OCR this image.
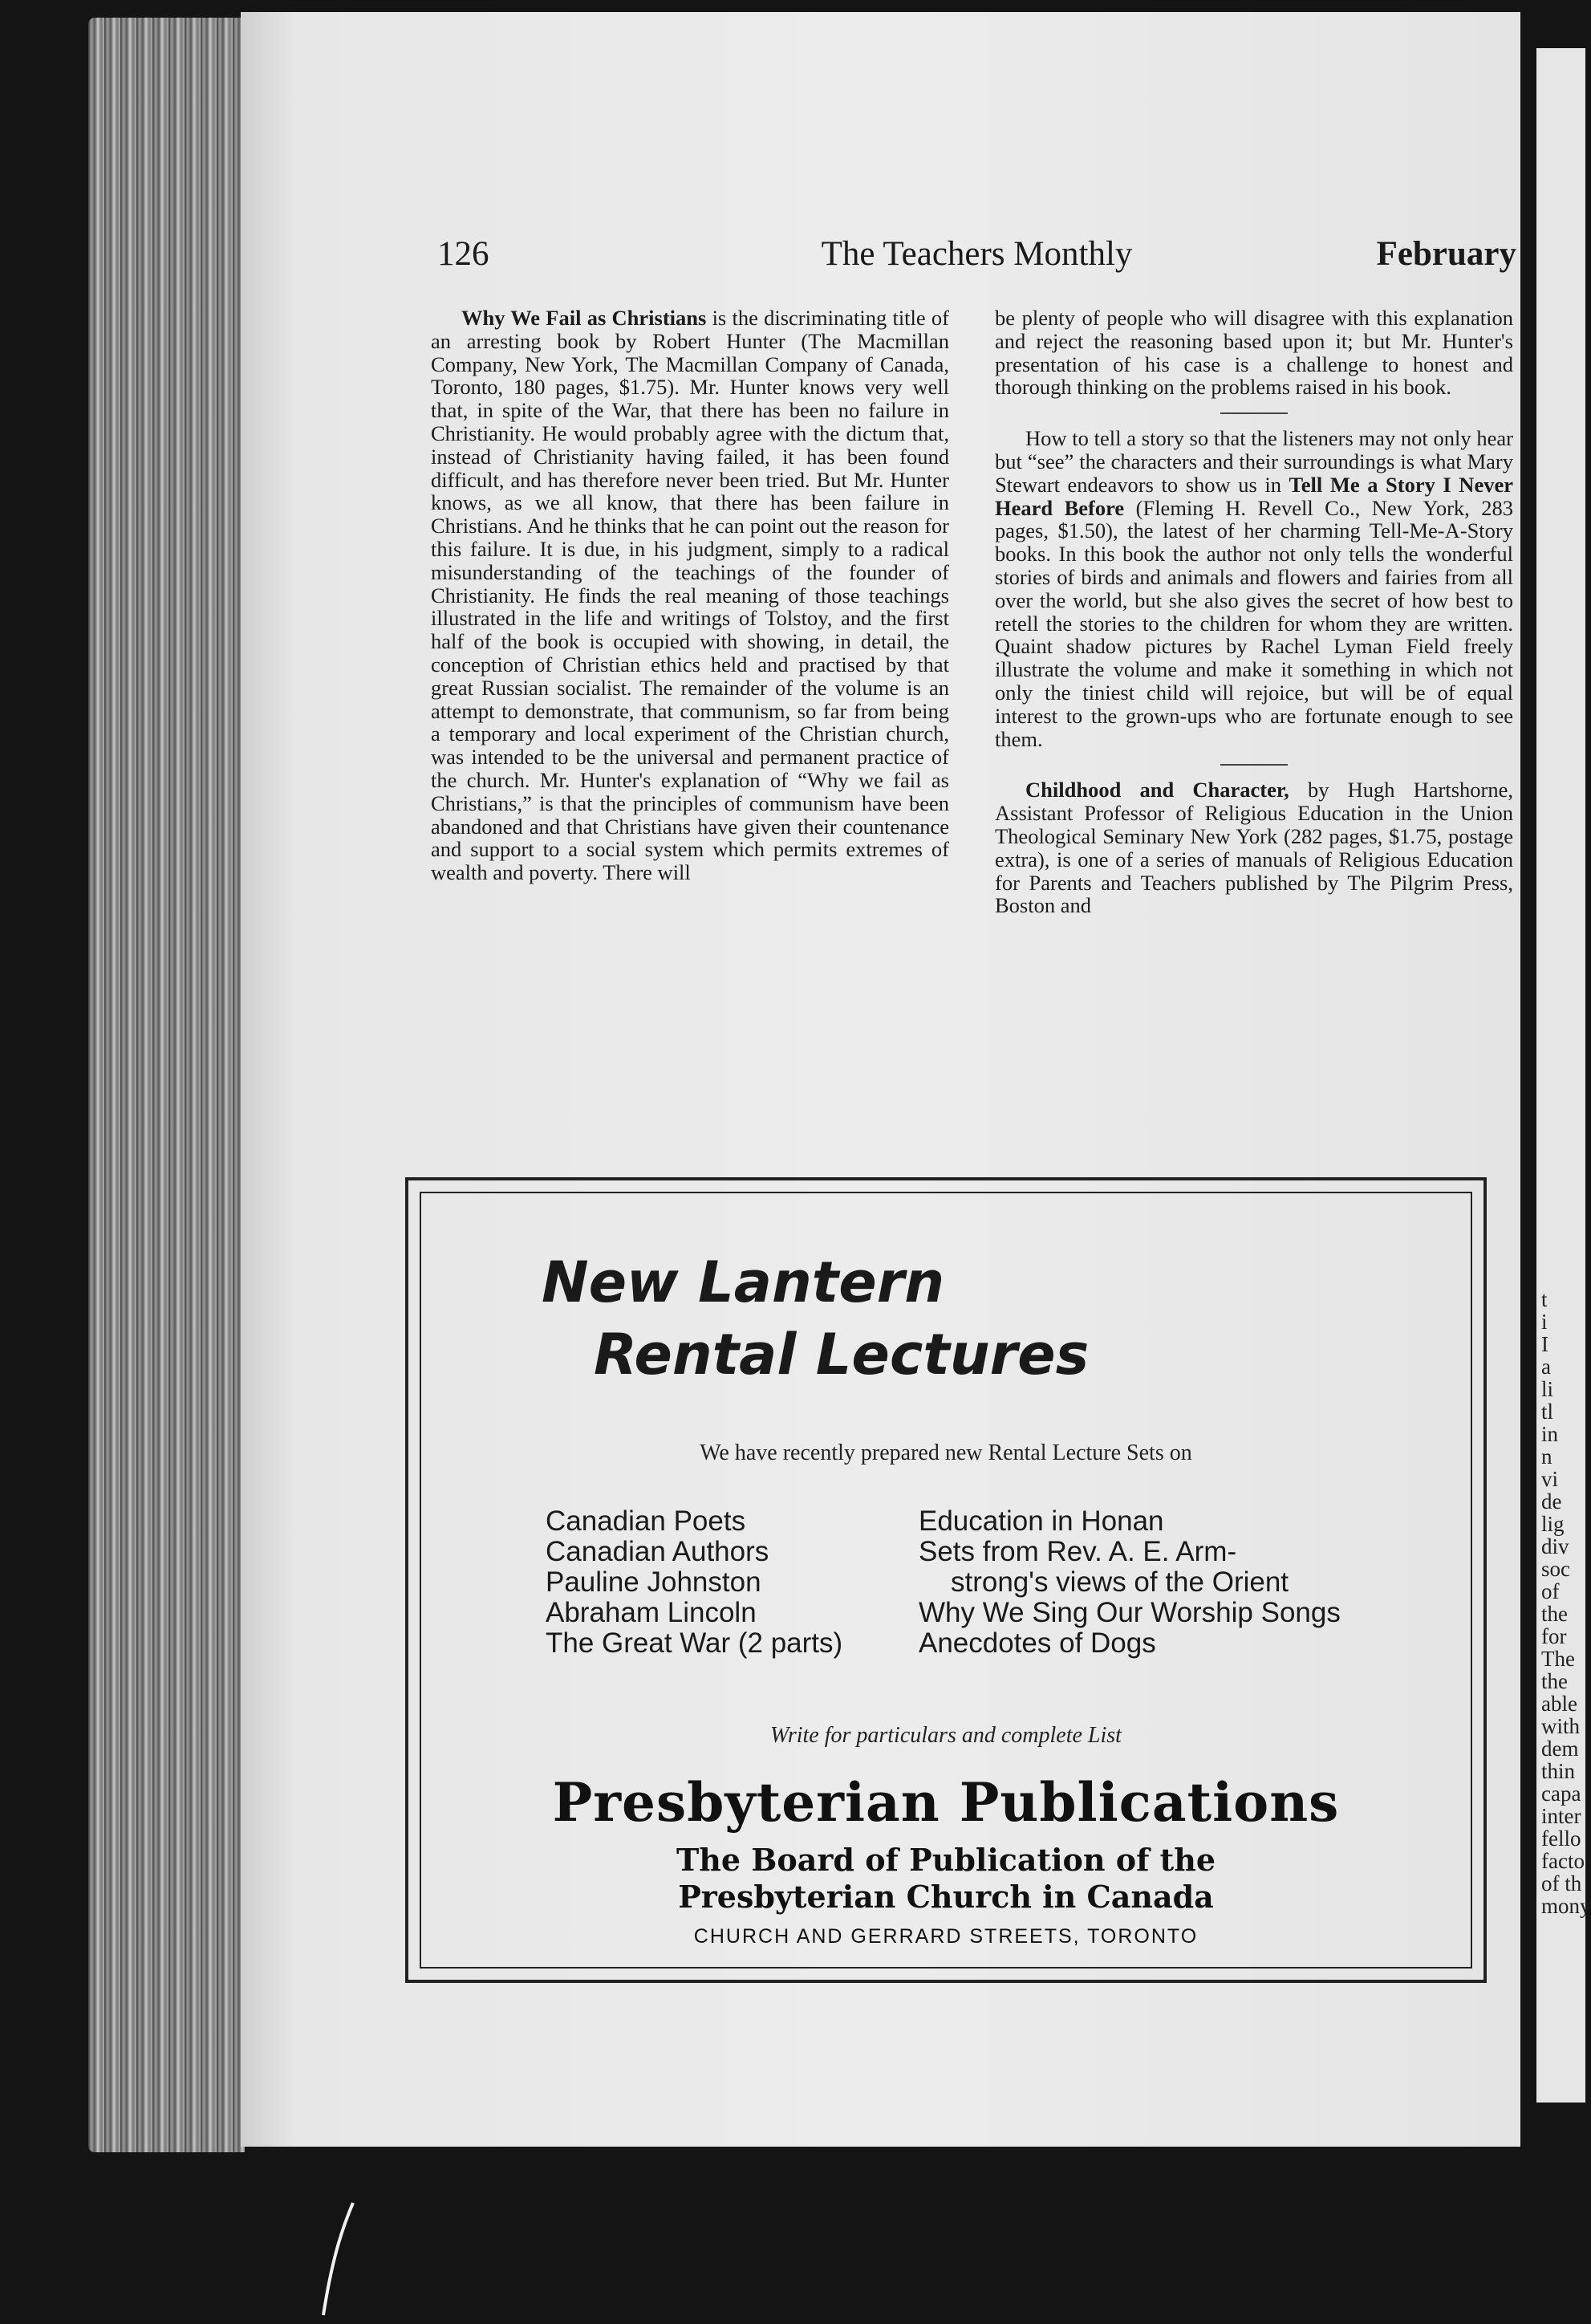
t
i
I
a
li
tl
in
n
vi
de
lig
div
soc
of
the
for
The
the
able
with
dem
thin
capa
inter
fello
facto
of th
mony
126	The Teachers Monthly	February

Why We Fail as Christians is the discriminating title of an arresting book by Robert Hunter (The Macmillan Company, New York, The Macmillan Company of Canada, Toronto, 180 pages, $1.75). Mr. Hunter knows very well that, in spite of the War, that there has been no failure in Christianity. He would probably agree with the dictum that, instead of Christianity having failed, it has been found difficult, and has therefore never been tried. But Mr. Hunter knows, as we all know, that there has been failure in Christians. And he thinks that he can point out the reason for this failure. It is due, in his judgment, simply to a radical misunderstanding of the teachings of the founder of Christianity. He finds the real meaning of those teachings illustrated in the life and writings of Tolstoy, and the first half of the book is occupied with showing, in detail, the conception of Christian ethics held and practised by that great Russian socialist. The remainder of the volume is an attempt to demonstrate, that communism, so far from being a temporary and local experiment of the Christian church, was intended to be the universal and permanent practice of the church. Mr. Hunter's explanation of “Why we fail as Christians,” is that the principles of communism have been abandoned and that Christians have given their countenance and support to a social system which permits extremes of wealth and poverty. There will

be plenty of people who will disagree with this explanation and reject the reasoning based upon it; but Mr. Hunter's presentation of his case is a challenge to honest and thorough thinking on the problems raised in his book.

How to tell a story so that the listeners may not only hear but “see” the characters and their surroundings is what Mary Stewart endeavors to show us in Tell Me a Story I Never Heard Before (Fleming H. Revell Co., New York, 283 pages, $1.50), the latest of her charming Tell-Me-A-Story books. In this book the author not only tells the wonderful stories of birds and animals and flowers and fairies from all over the world, but she also gives the secret of how best to retell the stories to the children for whom they are written. Quaint shadow pictures by Rachel Lyman Field freely illustrate the volume and make it something in which not only the tiniest child will rejoice, but will be of equal interest to the grown-ups who are fortunate enough to see them.

Childhood and Character, by Hugh Hartshorne, Assistant Professor of Religious Education in the Union Theological Seminary New York (282 pages, $1.75, postage extra), is one of a series of manuals of Religious Education for Parents and Teachers published by The Pilgrim Press, Boston and

New Lantern
Rental Lectures
We have recently prepared new Rental Lecture Sets on
Canadian Poets
Canadian Authors
Pauline Johnston
Abraham Lincoln
The Great War (2 parts)
Education in Honan
Sets from Rev. A. E. Arm-
strong's views of the Orient
Why We Sing Our Worship Songs
Anecdotes of Dogs
Write for particulars and complete List
Presbyterian Publications
The Board of Publication of the
Presbyterian Church in Canada
CHURCH AND GERRARD STREETS, TORONTO
